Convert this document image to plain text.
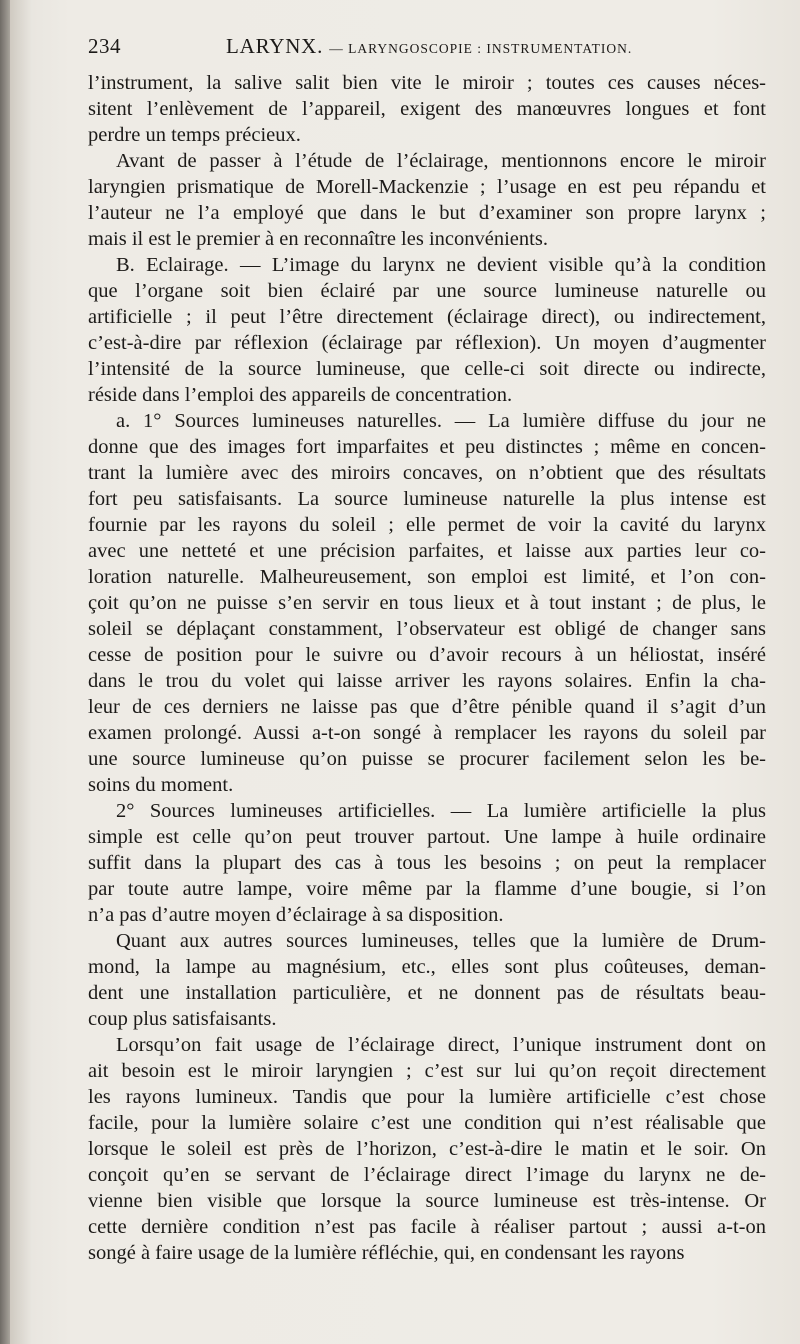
234	LARYNX. — LARYNGOSCOPIE : INSTRUMENTATION.
l’instrument, la salive salit bien vite le miroir ; toutes ces causes néces-
sitent l’enlèvement de l’appareil, exigent des manœuvres longues et font
perdre un temps précieux.
Avant de passer à l’étude de l’éclairage, mentionnons encore le miroir
laryngien prismatique de Morell-Mackenzie ; l’usage en est peu répandu et
l’auteur ne l’a employé que dans le but d’examiner son propre larynx ;
mais il est le premier à en reconnaître les inconvénients.
B. Eclairage. — L’image du larynx ne devient visible qu’à la condition
que l’organe soit bien éclairé par une source lumineuse naturelle ou
artificielle ; il peut l’être directement (éclairage direct), ou indirectement,
c’est-à-dire par réflexion (éclairage par réflexion). Un moyen d’augmenter
l’intensité de la source lumineuse, que celle-ci soit directe ou indirecte,
réside dans l’emploi des appareils de concentration.
a. 1° Sources lumineuses naturelles. — La lumière diffuse du jour ne
donne que des images fort imparfaites et peu distinctes ; même en concen-
trant la lumière avec des miroirs concaves, on n’obtient que des résultats
fort peu satisfaisants. La source lumineuse naturelle la plus intense est
fournie par les rayons du soleil ; elle permet de voir la cavité du larynx
avec une netteté et une précision parfaites, et laisse aux parties leur co-
loration naturelle. Malheureusement, son emploi est limité, et l’on con-
çoit qu’on ne puisse s’en servir en tous lieux et à tout instant ; de plus, le
soleil se déplaçant constamment, l’observateur est obligé de changer sans
cesse de position pour le suivre ou d’avoir recours à un héliostat, inséré
dans le trou du volet qui laisse arriver les rayons solaires. Enfin la cha-
leur de ces derniers ne laisse pas que d’être pénible quand il s’agit d’un
examen prolongé. Aussi a-t-on songé à remplacer les rayons du soleil par
une source lumineuse qu’on puisse se procurer facilement selon les be-
soins du moment.
2° Sources lumineuses artificielles. — La lumière artificielle la plus
simple est celle qu’on peut trouver partout. Une lampe à huile ordinaire
suffit dans la plupart des cas à tous les besoins ; on peut la remplacer
par toute autre lampe, voire même par la flamme d’une bougie, si l’on
n’a pas d’autre moyen d’éclairage à sa disposition.
Quant aux autres sources lumineuses, telles que la lumière de Drum-
mond, la lampe au magnésium, etc., elles sont plus coûteuses, deman-
dent une installation particulière, et ne donnent pas de résultats beau-
coup plus satisfaisants.
Lorsqu’on fait usage de l’éclairage direct, l’unique instrument dont on
ait besoin est le miroir laryngien ; c’est sur lui qu’on reçoit directement
les rayons lumineux. Tandis que pour la lumière artificielle c’est chose
facile, pour la lumière solaire c’est une condition qui n’est réalisable que
lorsque le soleil est près de l’horizon, c’est-à-dire le matin et le soir. On
conçoit qu’en se servant de l’éclairage direct l’image du larynx ne de-
vienne bien visible que lorsque la source lumineuse est très-intense. Or
cette dernière condition n’est pas facile à réaliser partout ; aussi a-t-on
songé à faire usage de la lumière réfléchie, qui, en condensant les rayons
